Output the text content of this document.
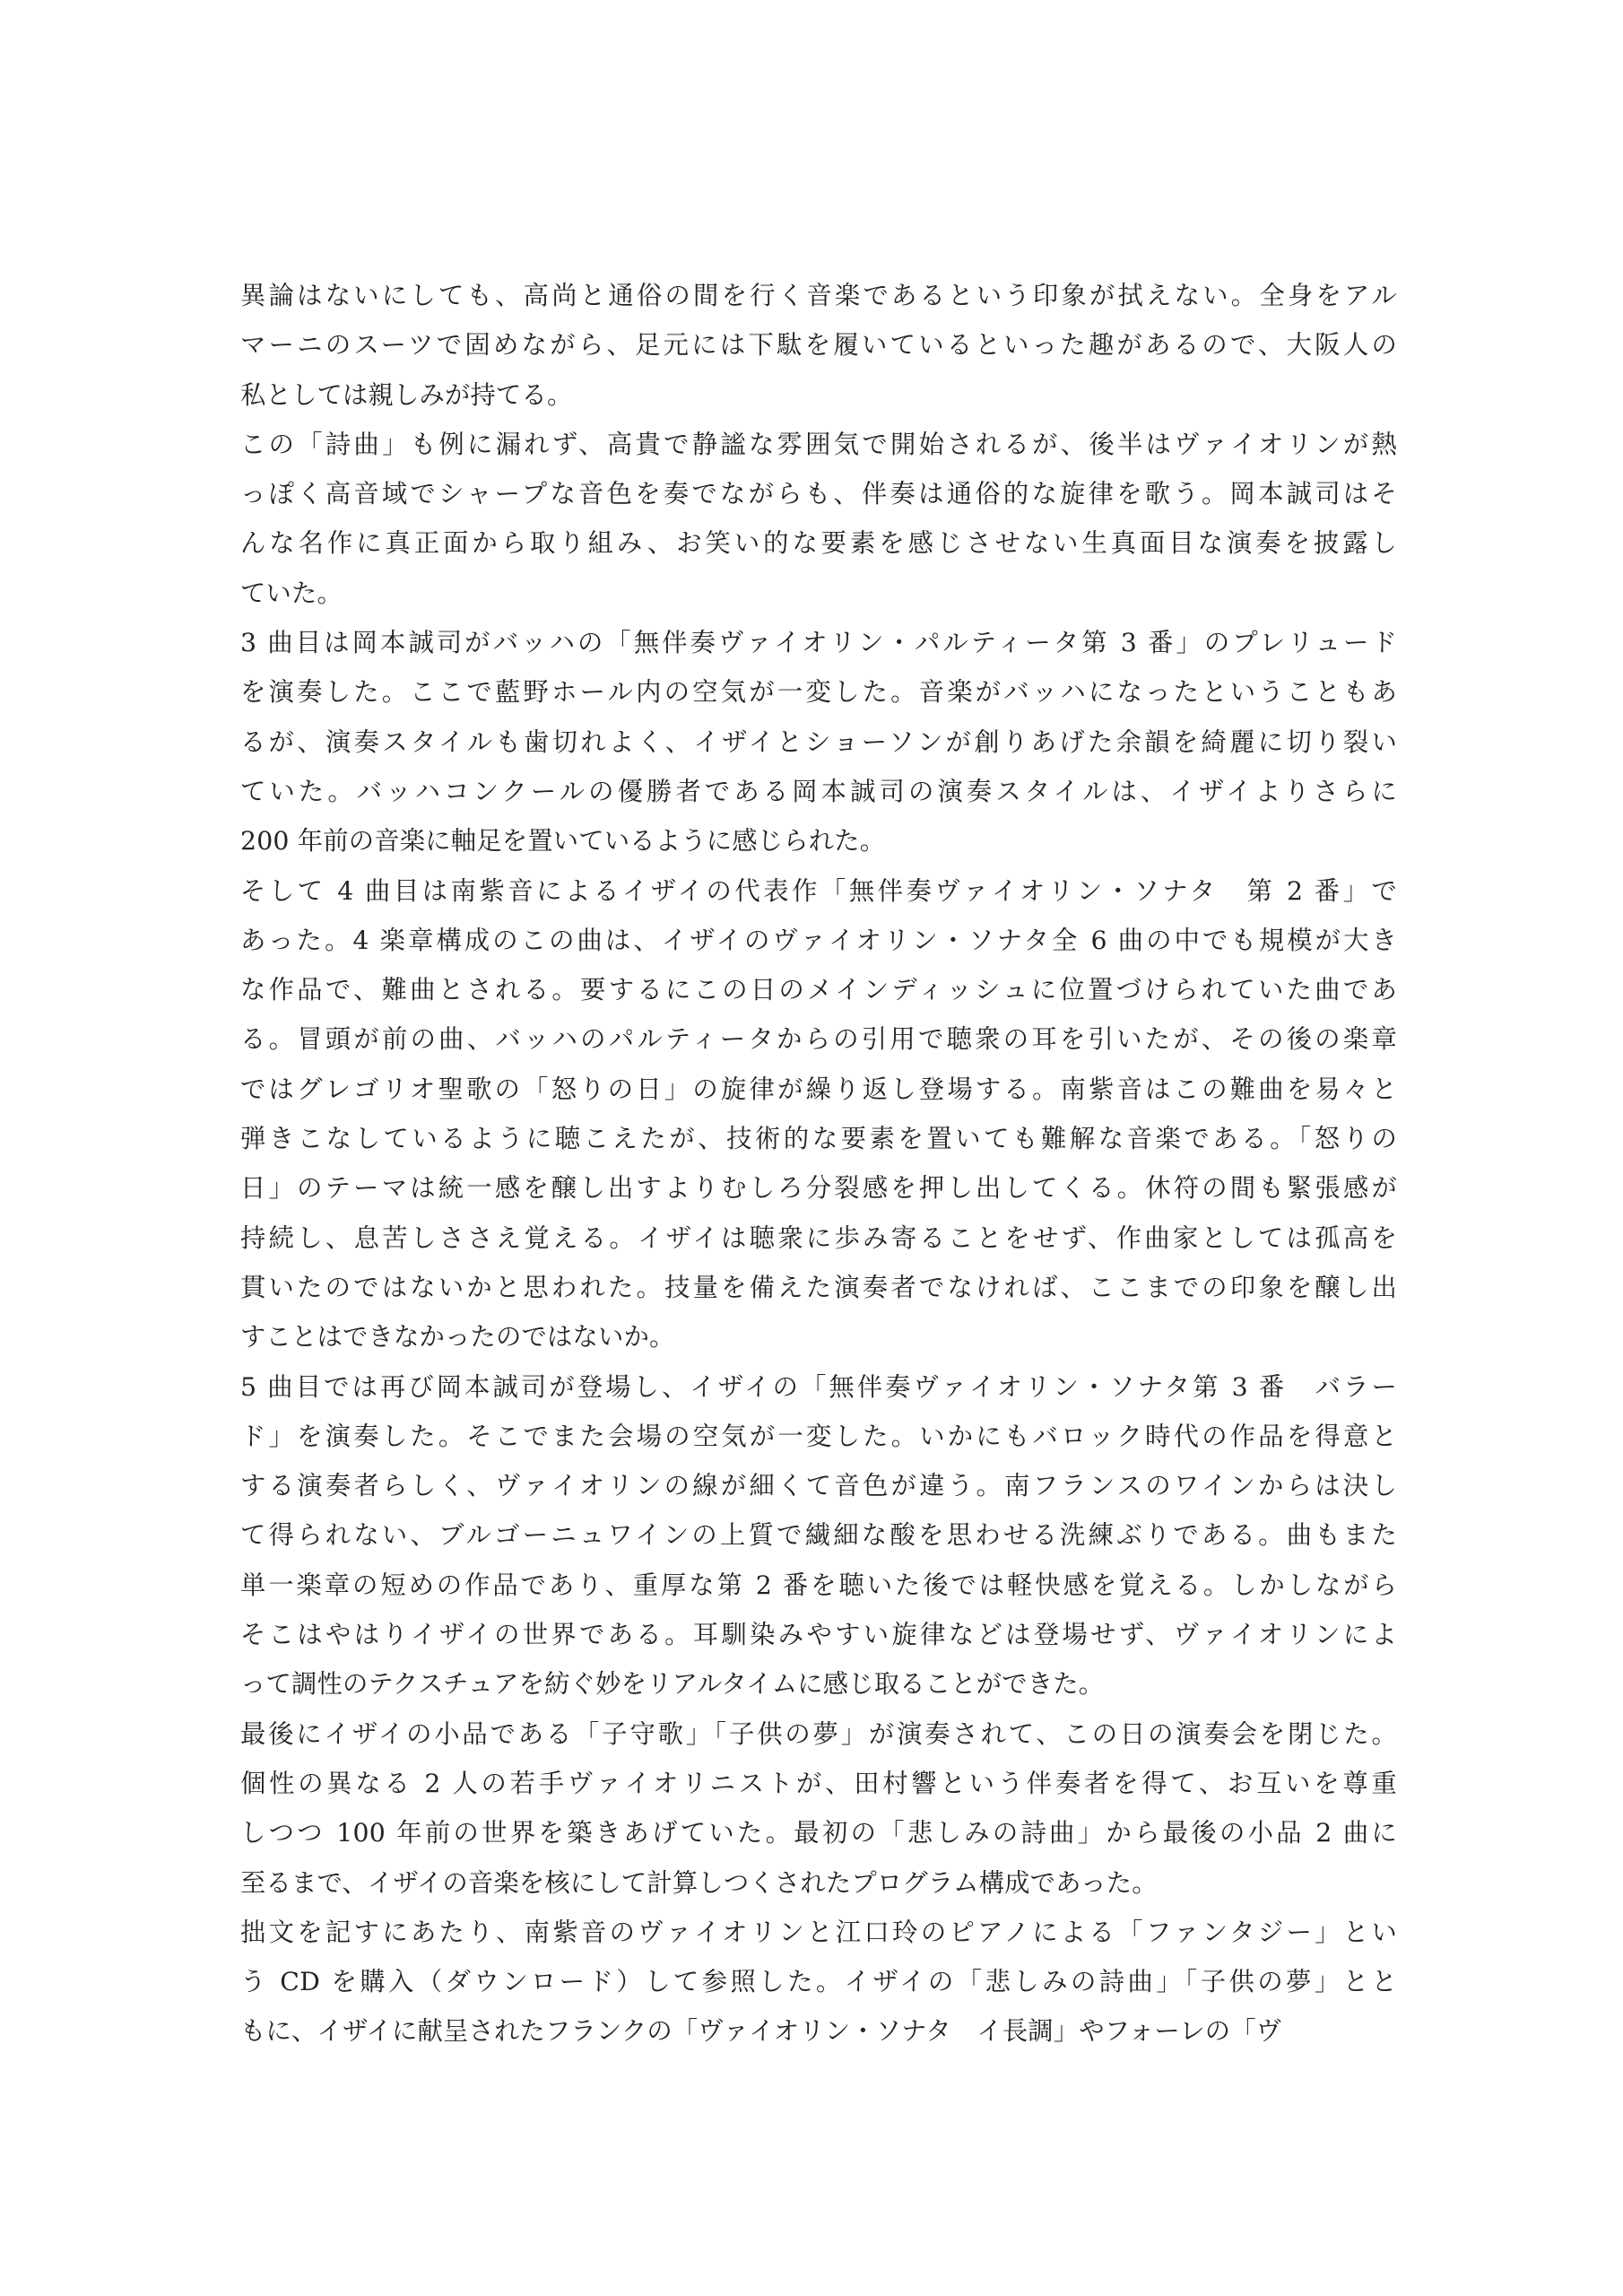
異論はないにしても、高尚と通俗の間を行く音楽であるという印象が拭えない。全身をアル
マーニのスーツで固めながら、足元には下駄を履いているといった趣があるので、大阪人の
私としては親しみが持てる。
この「詩曲」も例に漏れず、高貴で静謐な雰囲気で開始されるが、後半はヴァイオリンが熱
っぽく高音域でシャープな音色を奏でながらも、伴奏は通俗的な旋律を歌う。岡本誠司はそ
んな名作に真正面から取り組み、お笑い的な要素を感じさせない生真面目な演奏を披露し
ていた。
3 曲目は岡本誠司がバッハの「無伴奏ヴァイオリン・パルティータ第 3 番」のプレリュード
を演奏した。ここで藍野ホール内の空気が一変した。音楽がバッハになったということもあ
るが、演奏スタイルも歯切れよく、イザイとショーソンが創りあげた余韻を綺麗に切り裂い
ていた。バッハコンクールの優勝者である岡本誠司の演奏スタイルは、イザイよりさらに
200 年前の音楽に軸足を置いているように感じられた。
そして 4 曲目は南紫音によるイザイの代表作「無伴奏ヴァイオリン・ソナタ　第 2 番」で
あった。4 楽章構成のこの曲は、イザイのヴァイオリン・ソナタ全 6 曲の中でも規模が大き
な作品で、難曲とされる。要するにこの日のメインディッシュに位置づけられていた曲であ
る。冒頭が前の曲、バッハのパルティータからの引用で聴衆の耳を引いたが、その後の楽章
ではグレゴリオ聖歌の「怒りの日」の旋律が繰り返し登場する。南紫音はこの難曲を易々と
弾きこなしているように聴こえたが、技術的な要素を置いても難解な音楽である。「怒りの
日」のテーマは統一感を醸し出すよりむしろ分裂感を押し出してくる。休符の間も緊張感が
持続し、息苦しささえ覚える。イザイは聴衆に歩み寄ることをせず、作曲家としては孤高を
貫いたのではないかと思われた。技量を備えた演奏者でなければ、ここまでの印象を醸し出
すことはできなかったのではないか。
5 曲目では再び岡本誠司が登場し、イザイの「無伴奏ヴァイオリン・ソナタ第 3 番　バラー
ド」を演奏した。そこでまた会場の空気が一変した。いかにもバロック時代の作品を得意と
する演奏者らしく、ヴァイオリンの線が細くて音色が違う。南フランスのワインからは決し
て得られない、ブルゴーニュワインの上質で繊細な酸を思わせる洗練ぶりである。曲もまた
単一楽章の短めの作品であり、重厚な第 2 番を聴いた後では軽快感を覚える。しかしながら
そこはやはりイザイの世界である。耳馴染みやすい旋律などは登場せず、ヴァイオリンによ
って調性のテクスチュアを紡ぐ妙をリアルタイムに感じ取ることができた。
最後にイザイの小品である「子守歌」「子供の夢」が演奏されて、この日の演奏会を閉じた。
個性の異なる 2 人の若手ヴァイオリニストが、田村響という伴奏者を得て、お互いを尊重
しつつ 100 年前の世界を築きあげていた。最初の「悲しみの詩曲」から最後の小品 2 曲に
至るまで、イザイの音楽を核にして計算しつくされたプログラム構成であった。
拙文を記すにあたり、南紫音のヴァイオリンと江口玲のピアノによる「ファンタジー」とい
う CD を購入（ダウンロード）して参照した。イザイの「悲しみの詩曲」「子供の夢」とと
もに、イザイに献呈されたフランクの「ヴァイオリン・ソナタ　イ長調」やフォーレの「ヴ
